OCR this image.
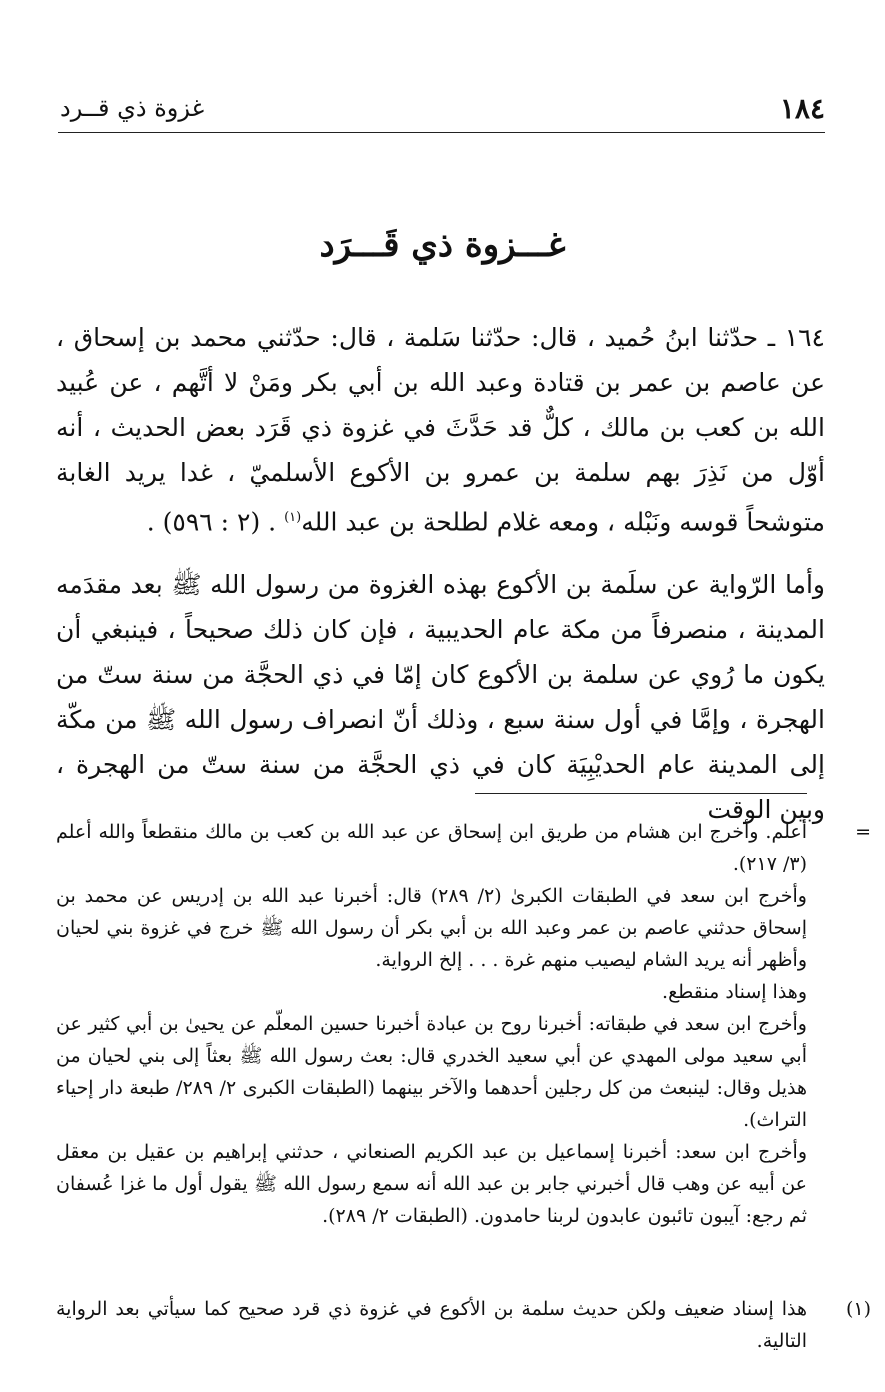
غزوة ذي قــرد	١٨٤
غـــزوة ذي قَـــرَد
١٦٤ ـ حدّثنا ابنُ حُميد ، قال: حدّثنا سَلمة ، قال: حدّثني محمد بن إسحاق ، عن عاصم بن عمر بن قتادة وعبد الله بن أبي بكر ومَنْ لا أتَّهم ، عن عُبيد الله بن كعب بن مالك ، كلٌّ قد حَدَّثَ في غزوة ذي قَرَد بعض الحديث ، أنه أوّل من نَذِرَ بهم سلمة بن عمرو بن الأكوع الأسلميّ ، غدا يريد الغابة متوشحاً قوسه ونَبْله ، ومعه غلام لطلحة بن عبد الله$^{(١)}$ . (٢ : ٥٩٦) .
وأما الرّواية عن سلَمة بن الأكوع بهذه الغزوة من رسول الله ﷺ بعد مقدَمه المدينة ، منصرفاً من مكة عام الحديبية ، فإن كان ذلك صحيحاً ، فينبغي أن يكون ما رُوي عن سلمة بن الأكوع كان إمّا في ذي الحجَّة من سنة ستّ من الهجرة ، وإمَّا في أول سنة سبع ، وذلك أنّ انصراف رسول الله ﷺ من مكّة إلى المدينة عام الحديْبِيَة كان في ذي الحجَّة من سنة ستّ من الهجرة ، وبين الوقت
=

أعلم. وأخرج ابن هشام من طريق ابن إسحاق عن عبد الله بن كعب بن مالك منقطعاً والله أعلم (٣/ ٢١٧).

وأخرج ابن سعد في الطبقات الكبرىٰ (٢/ ٢٨٩) قال: أخبرنا عبد الله بن إدريس عن محمد بن إسحاق حدثني عاصم بن عمر وعبد الله بن أبي بكر أن رسول الله ﷺ خرج في غزوة بني لحيان وأظهر أنه يريد الشام ليصيب منهم غرة . . . إلخ الرواية.

وهذا إسناد منقطع.

وأخرج ابن سعد في طبقاته: أخبرنا روح بن عبادة أخبرنا حسين المعلّم عن يحيىٰ بن أبي كثير عن أبي سعيد مولى المهدي عن أبي سعيد الخدري قال: بعث رسول الله ﷺ بعثاً إلى بني لحيان من هذيل وقال: لينبعث من كل رجلين أحدهما والآخر بينهما (الطبقات الكبرى ٢/ ٢٨٩/ طبعة دار إحياء التراث).

وأخرج ابن سعد: أخبرنا إسماعيل بن عبد الكريم الصنعاني ، حدثني إبراهيم بن عقيل بن معقل عن أبيه عن وهب قال أخبرني جابر بن عبد الله أنه سمع رسول الله ﷺ يقول أول ما غزا عُسفان ثم رجع: آيبون تائبون عابدون لربنا حامدون. (الطبقات ٢/ ٢٨٩).

(١)

هذا إسناد ضعيف ولكن حديث سلمة بن الأكوع في غزوة ذي قرد صحيح كما سيأتي بعد الرواية التالية.
